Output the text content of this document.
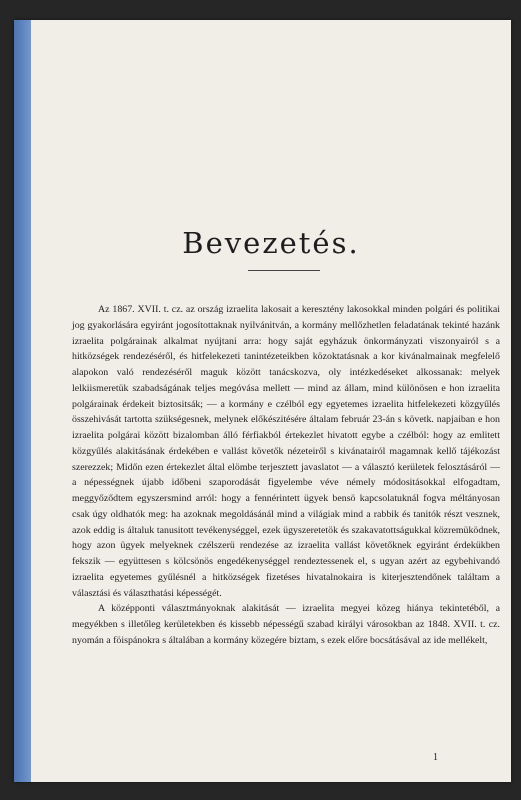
Bevezetés.

Az 1867. XVII. t. cz. az ország izraelita lakosait a keresztény lakosokkal minden polgári és politikai jog gyakorlására egyiránt jogosítottaknak nyilvánitván, a kormány mellőzhetlen feladatának tekinté hazánk izraelita polgárainak alkalmat nyújtani arra: hogy saját egyházuk önkormányzati viszonyairól s a hitközségek rendezéséről, és hitfelekezeti tanintézeteikben közoktatásnak a kor kivánalmainak megfelelő alapokon való rendezéséről maguk között tanácskozva, oly intézkedéseket alkossanak: melyek lelkiismeretük szabadságának teljes megóvása mellett — mind az állam, mind különösen e hon izraelita polgárainak érdekeit biztositsák; — a kormány e czélból egy egyetemes izraelita hitfelekezeti közgyűlés összehivását tartotta szükségesnek, melynek előkészitésére általam február 23-án s követk. napjaiban e hon izraelita polgárai között bizalomban álló férfiakból értekezlet hivatott egybe a czélból: hogy az emlitett közgyűlés alakitásának érdekében e vallást követők nézeteiről s kivánatairól magamnak kellő tájékozást szerezzek; Midőn ezen értekezlet által elömbe terjesztett javaslatot — a választó kerületek felosztásáról — a népességnek újabb időbeni szaporodását figyelembe véve némely módositásokkal elfogadtam, meggyőződtem egyszersmind arról: hogy a fennérintett ügyek bensö kapcsolatuknál fogva méltányosan csak úgy oldhatók meg: ha azoknak megoldásánál mind a világiak mind a rabbik és tanitók részt vesznek, azok eddig is általuk tanusitott tevékenységgel, ezek ügyszeretetök és szakavatottságukkal közremüködnek, hogy azon ügyek melyeknek czélszerü rendezése az izraelita vallást követőknek egyiránt érdekükben fekszik — együttesen s kölcsönös engedékenységgel rendeztessenek el, s ugyan azért az egybehivandó izraelita egyetemes gyűlésnél a hitközségek fizetéses hivatalnokaira is kiterjesztendőnek találtam a választási és választhatási képességét.

A középponti választmányoknak alakitását — izraelita megyei közeg hiánya tekintetéből, a megyékben s illetőleg kerületekben és kissebb népességű szabad királyi városokban az 1848. XVII. t. cz. nyomán a föispánokra s általában a kormány közegére biztam, s ezek előre bocsátásával az ide mellékelt,

1
